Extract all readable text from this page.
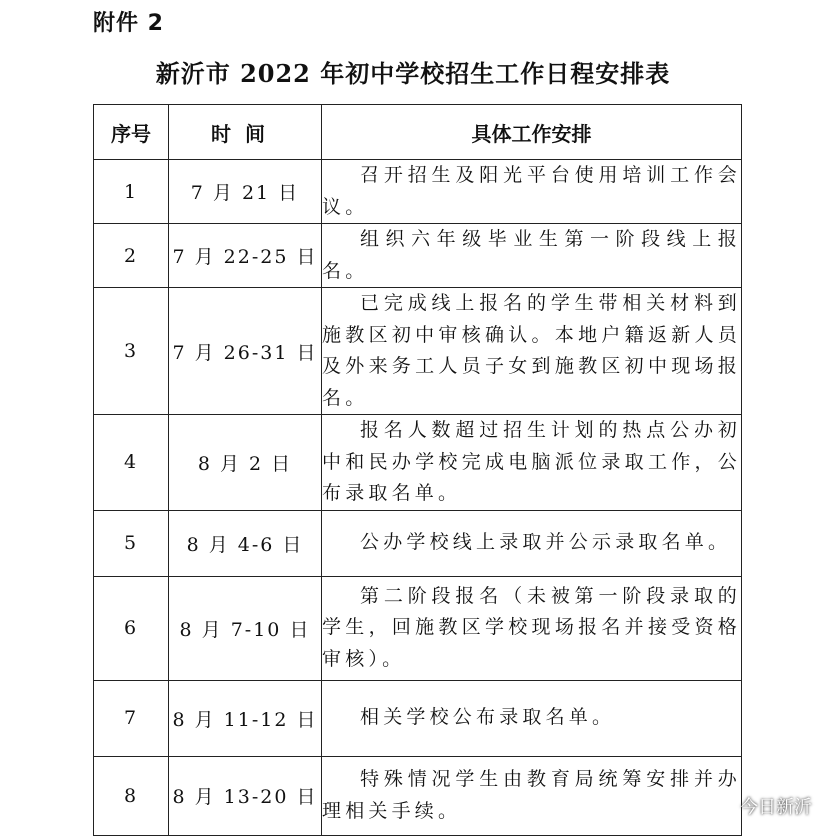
附件 2
新沂市 2022 年初中学校招生工作日程安排表
序号	时间	具体工作安排
1	7 月 21 日	召开招生及阳光平台使用培训工作会议。
2	7 月 22-25 日	组织六年级毕业生第一阶段线上报名。
3	7 月 26-31 日	已完成线上报名的学生带相关材料到施教区初中审核确认。本地户籍返新人员及外来务工人员子女到施教区初中现场报名。
4	8 月 2 日	报名人数超过招生计划的热点公办初中和民办学校完成电脑派位录取工作，公布录取名单。
5	8 月 4-6 日	公办学校线上录取并公示录取名单。
6	8 月 7-10 日	第二阶段报名（未被第一阶段录取的学生，回施教区学校现场报名并接受资格审核）。
7	8 月 11-12 日	相关学校公布录取名单。
8	8 月 13-20 日	特殊情况学生由教育局统筹安排并办理相关手续。	今日新沂
